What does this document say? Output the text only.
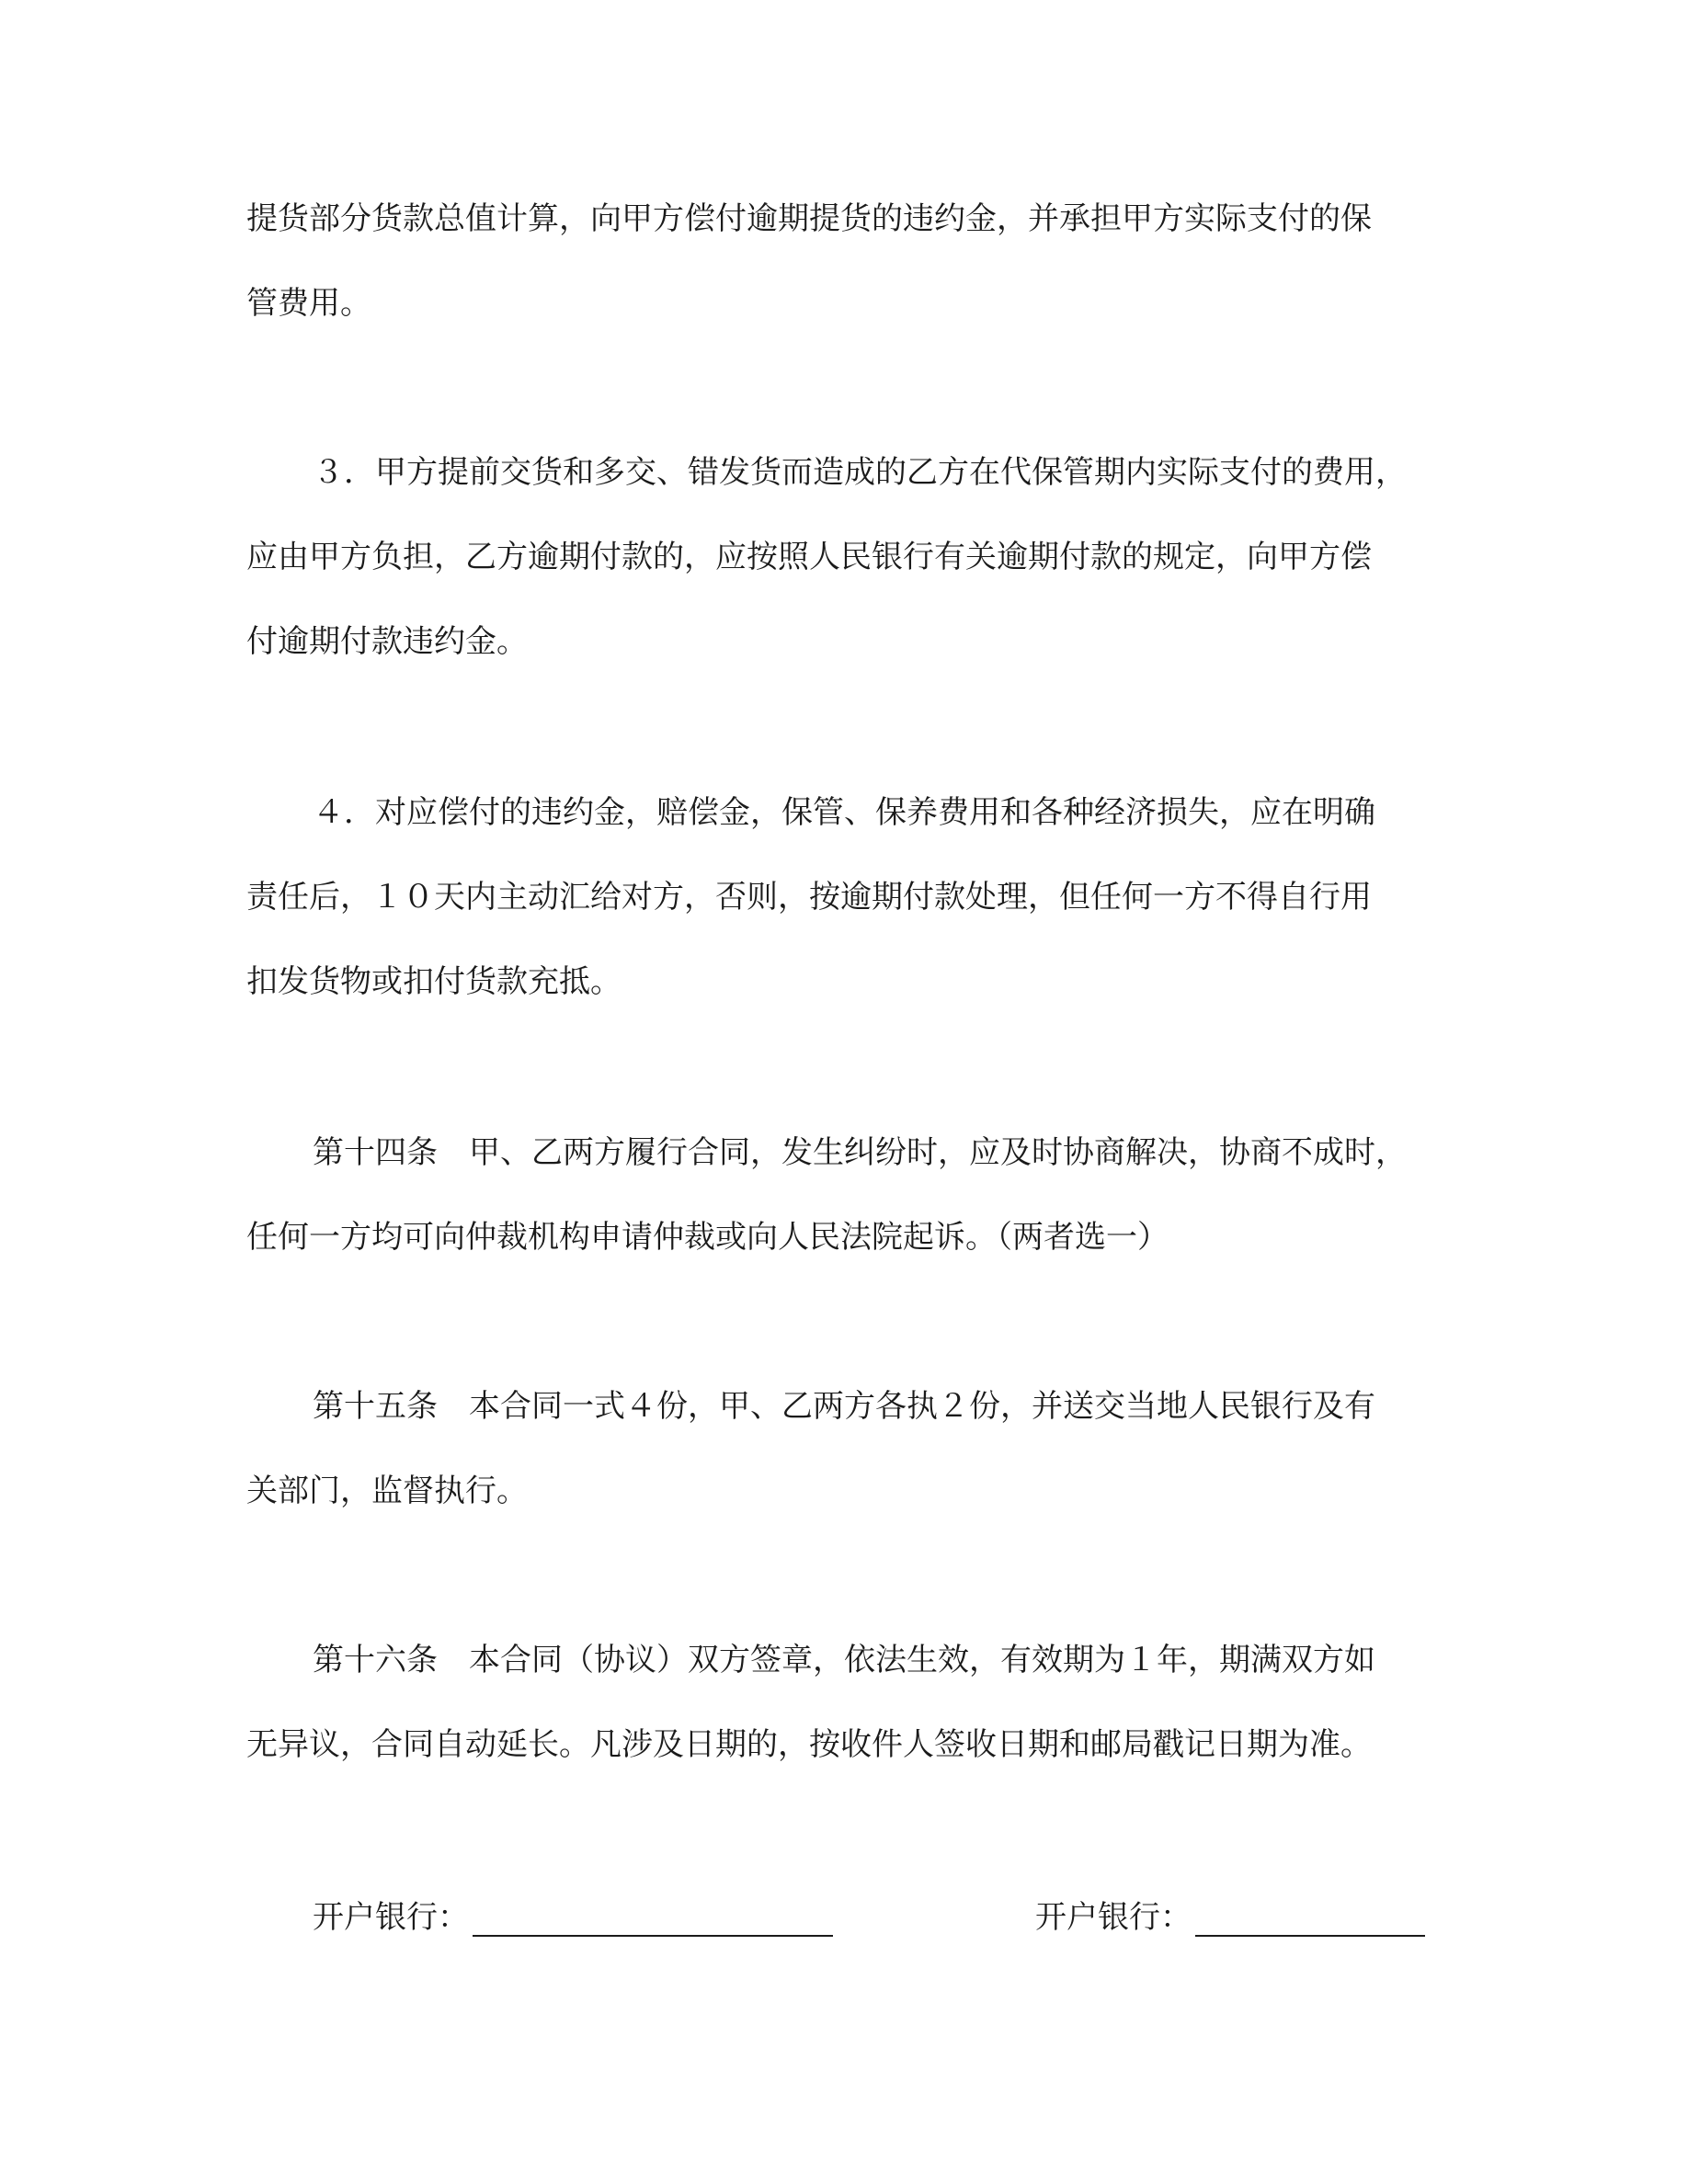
提货部分货款总值计算，向甲方偿付逾期提货的违约金，并承担甲方实际支付的保
管费用。
３．甲方提前交货和多交、错发货而造成的乙方在代保管期内实际支付的费用，
应由甲方负担，乙方逾期付款的，应按照人民银行有关逾期付款的规定，向甲方偿
付逾期付款违约金。
４．对应偿付的违约金，赔偿金，保管、保养费用和各种经济损失，应在明确
责任后，１０天内主动汇给对方，否则，按逾期付款处理，但任何一方不得自行用
扣发货物或扣付货款充抵。
第十四条　甲、乙两方履行合同，发生纠纷时，应及时协商解决，协商不成时，
任何一方均可向仲裁机构申请仲裁或向人民法院起诉。（两者选一）
第十五条　本合同一式４份，甲、乙两方各执２份，并送交当地人民银行及有
关部门，监督执行。
第十六条　本合同（协议）双方签章，依法生效，有效期为１年，期满双方如
无异议，合同自动延长。凡涉及日期的，按收件人签收日期和邮局戳记日期为准。
开户银行：	开户银行：
